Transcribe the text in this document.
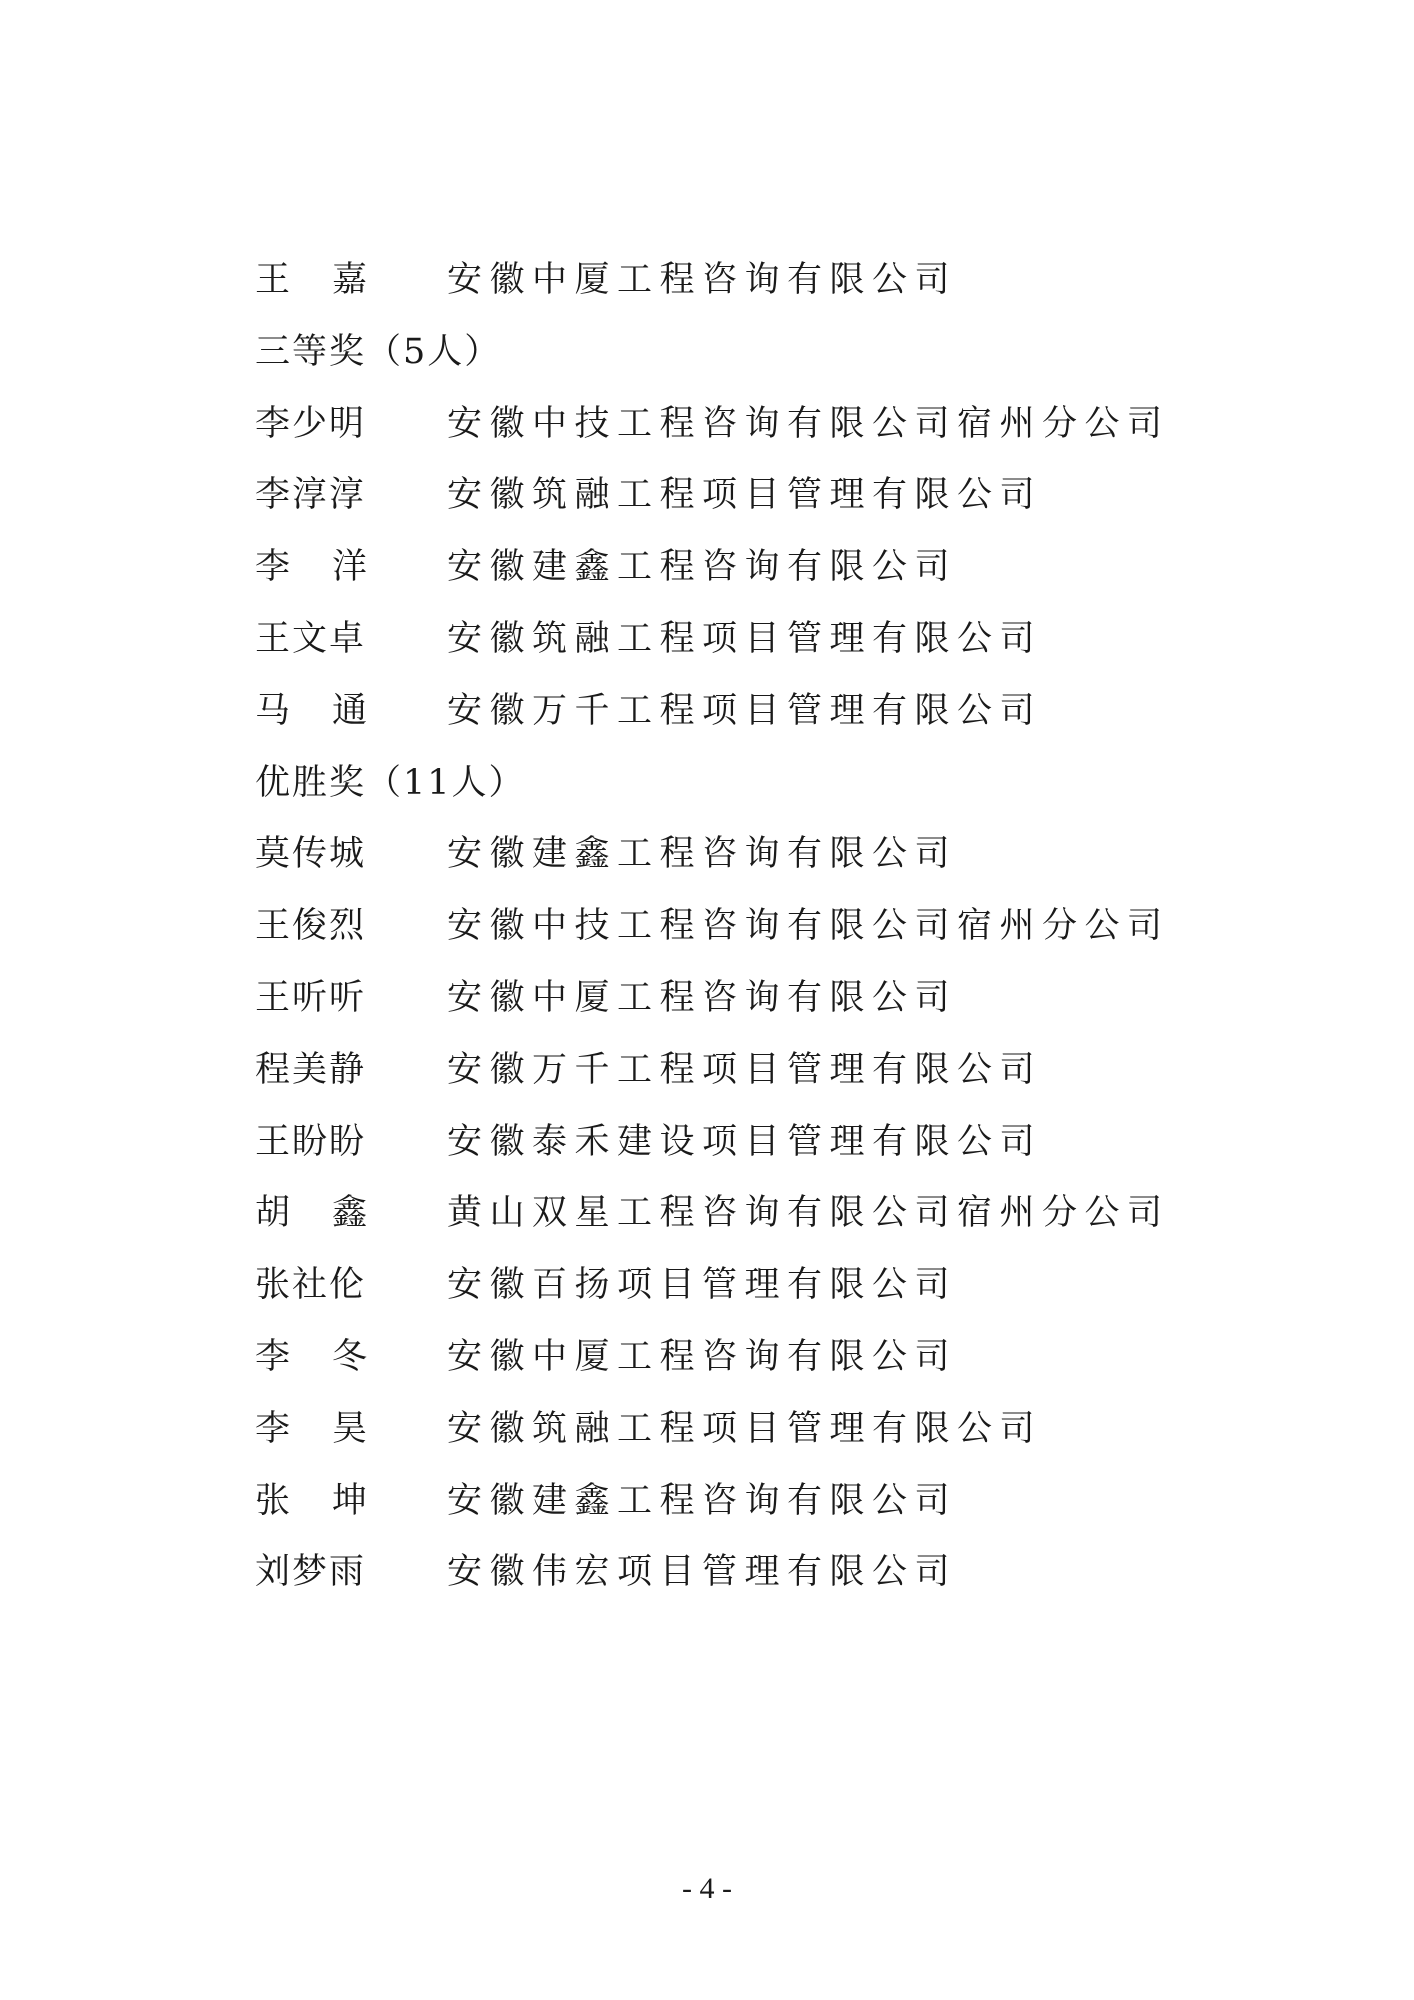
王 嘉 安徽中厦工程咨询有限公司
三等奖（5人）
李少明 安徽中技工程咨询有限公司宿州分公司
李淳淳 安徽筑融工程项目管理有限公司
李 洋 安徽建鑫工程咨询有限公司
王文卓 安徽筑融工程项目管理有限公司
马 通 安徽万千工程项目管理有限公司
优胜奖（11人）
莫传城 安徽建鑫工程咨询有限公司
王俊烈 安徽中技工程咨询有限公司宿州分公司
王听听 安徽中厦工程咨询有限公司
程美静 安徽万千工程项目管理有限公司
王盼盼 安徽泰禾建设项目管理有限公司
胡 鑫 黄山双星工程咨询有限公司宿州分公司
张社伦 安徽百扬项目管理有限公司
李 冬 安徽中厦工程咨询有限公司
李 昊 安徽筑融工程项目管理有限公司
张 坤 安徽建鑫工程咨询有限公司
刘梦雨 安徽伟宏项目管理有限公司
- 4 -
